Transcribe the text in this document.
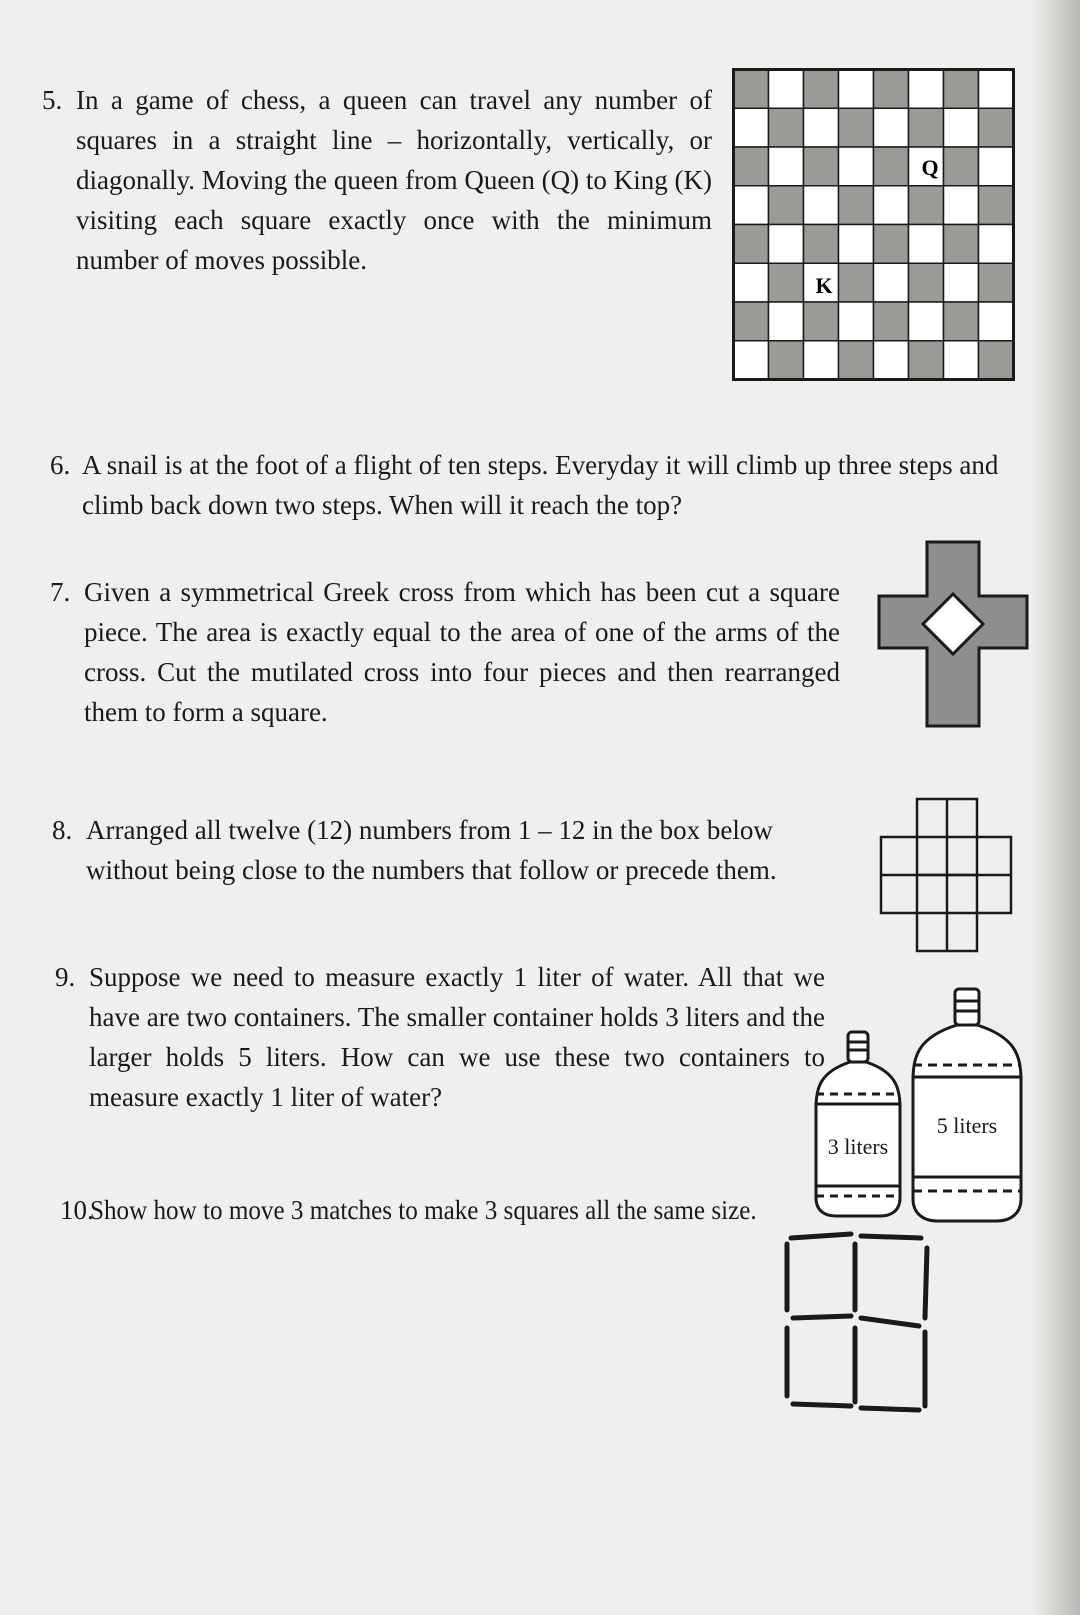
5. In a game of chess, a queen can travel any number of squares in a straight line – horizontally, vertically, or diagonally. Moving the queen from Queen (Q) to King (K) visiting each square exactly once with the minimum number of moves possible.
Q
K
6. A snail is at the foot of a flight of ten steps. Everyday it will climb up three steps and climb back down two steps. When will it reach the top?
7. Given a symmetrical Greek cross from which has been cut a square piece. The area is exactly equal to the area of one of the arms of the cross. Cut the mutilated cross into four pieces and then rearranged them to form a square.
8. Arranged all twelve (12) numbers from 1 – 12 in the box below without being close to the numbers that follow or precede them.
9. Suppose we need to measure exactly 1 liter of water. All that we have are two containers. The smaller container holds 3 liters and the larger holds 5 liters. How can we use these two containers to measure exactly 1 liter of water?
3 liters
5 liters
10.
Show how to move 3 matches to make 3 squares all the same size.
